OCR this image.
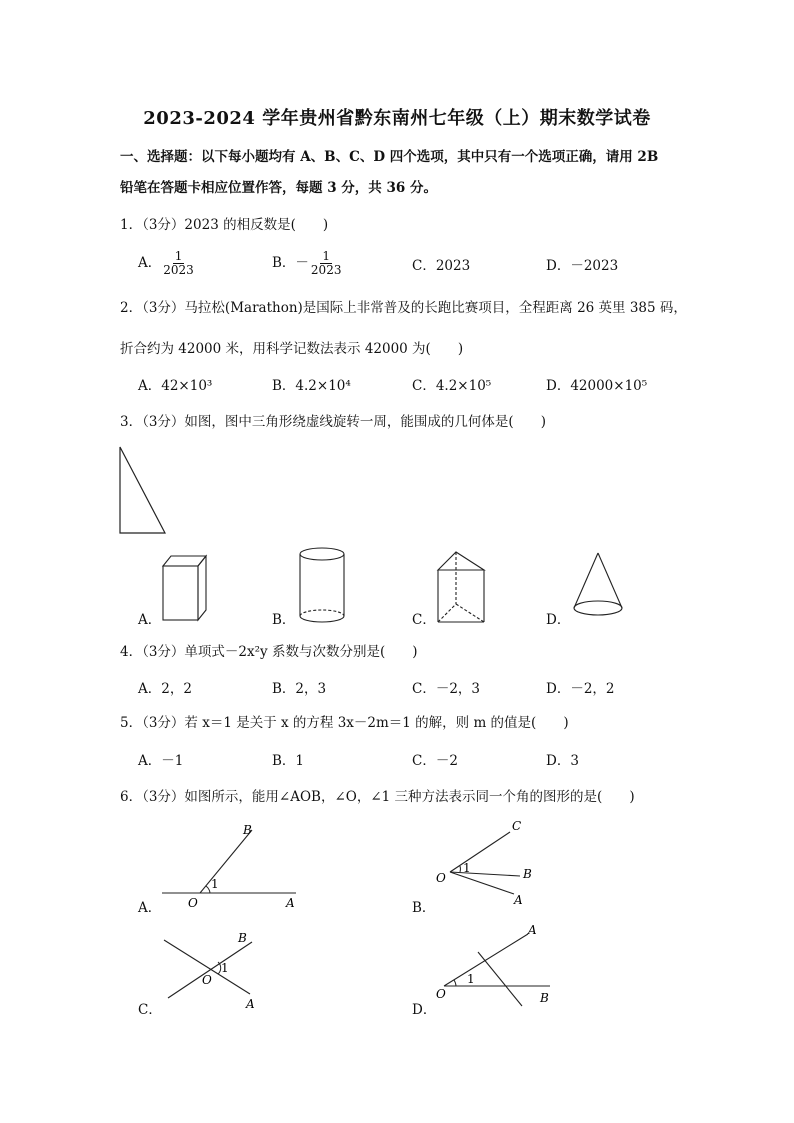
2023-2024 学年贵州省黔东南州七年级（上）期末数学试卷
一、选择题：以下每小题均有 A、B、C、D 四个选项，其中只有一个选项正确，请用 2B
铅笔在答题卡相应位置作答，每题 3 分，共 36 分。
1．（3分）2023 的相反数是(　　)
A． $\frac{1}{2023}$	B．－ $\frac{1}{2023}$	C．2023	D．－2023
2．（3分）马拉松(Marathon)是国际上非常普及的长跑比赛项目，全程距离 26 英里 385 码，
折合约为 42000 米，用科学记数法表示 42000 为(　　)
A．42×10³	B．4.2×10⁴	C．4.2×10⁵	D．42000×10⁵
3．（3分）如图，图中三角形绕虚线旋转一周，能围成的几何体是(　　)
A．	B．	C．	D．
4．（3分）单项式－2x²y 系数与次数分别是(　　)
A．2，2	B．2，3	C．－2，3	D．－2，2
5．（3分）若 x＝1 是关于 x 的方程 3x－2m＝1 的解，则 m 的值是(　　)
A．－1	B．1	C．－2	D．3
6．（3分）如图所示，能用∠AOB，∠O，∠1 三种方法表示同一个角的图形的是(　　)
A．
B
1
O	A	B．
C
1	B
O
A
C．
B
1
O
A	D．
A
1
O	B
